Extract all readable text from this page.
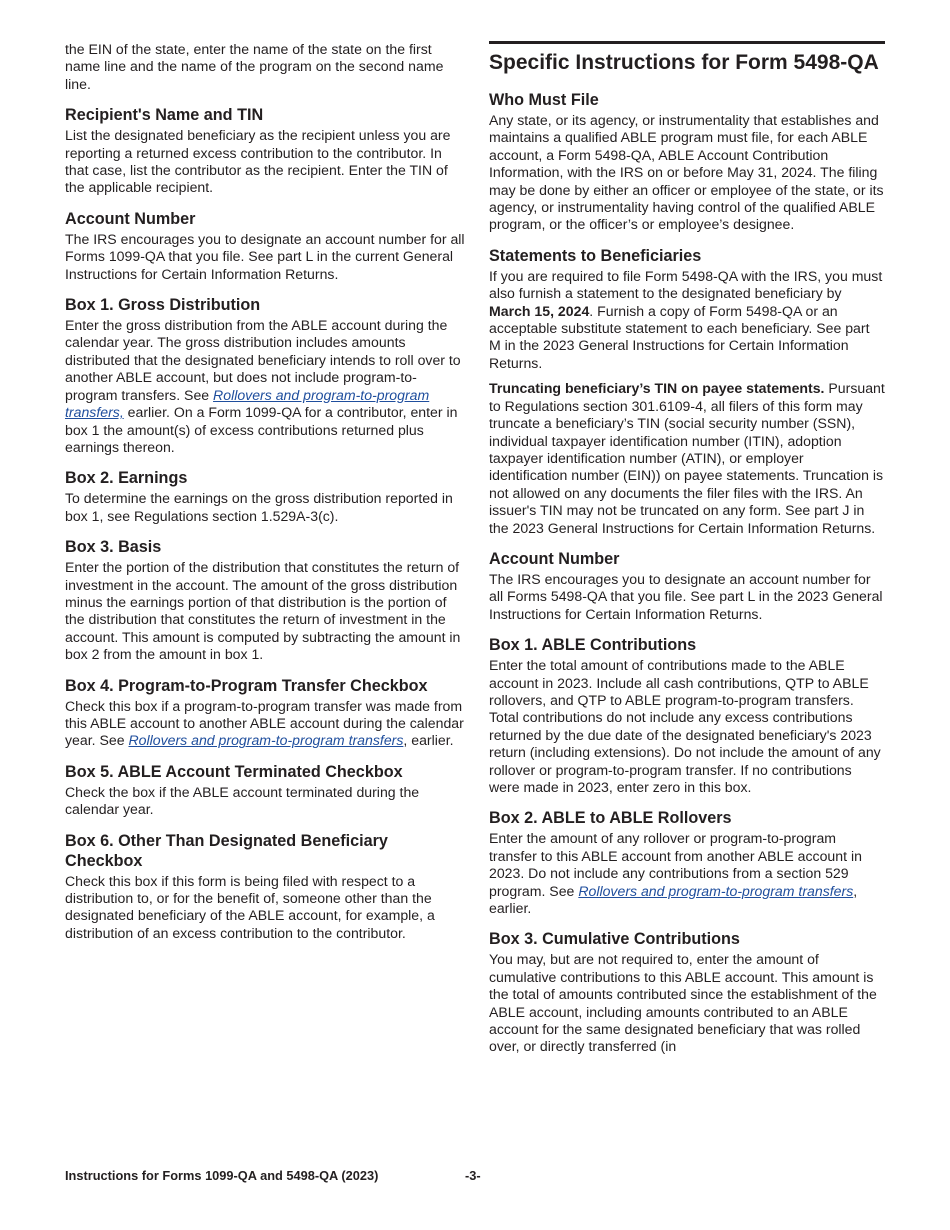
the EIN of the state, enter the name of the state on the first name line and the name of the program on the second name line.

Recipient's Name and TIN

List the designated beneficiary as the recipient unless you are reporting a returned excess contribution to the contributor. In that case, list the contributor as the recipient. Enter the TIN of the applicable recipient.

Account Number

The IRS encourages you to designate an account number for all Forms 1099-QA that you file. See part L in the current General Instructions for Certain Information Returns.

Box 1. Gross Distribution

Enter the gross distribution from the ABLE account during the calendar year. The gross distribution includes amounts distributed that the designated beneficiary intends to roll over to another ABLE account, but does not include program-to-program transfers. See Rollovers and program-to-program transfers, earlier. On a Form 1099-QA for a contributor, enter in box 1 the amount(s) of excess contributions returned plus earnings thereon.

Box 2. Earnings

To determine the earnings on the gross distribution reported in box 1, see Regulations section 1.529A-3(c).

Box 3. Basis

Enter the portion of the distribution that constitutes the return of investment in the account. The amount of the gross distribution minus the earnings portion of that distribution is the portion of the distribution that constitutes the return of investment in the account. This amount is computed by subtracting the amount in box 2 from the amount in box 1.

Box 4. Program-to-Program Transfer Checkbox

Check this box if a program-to-program transfer was made from this ABLE account to another ABLE account during the calendar year. See Rollovers and program-to-program transfers, earlier.

Box 5. ABLE Account Terminated Checkbox

Check the box if the ABLE account terminated during the calendar year.

Box 6. Other Than Designated Beneficiary Checkbox

Check this box if this form is being filed with respect to a distribution to, or for the benefit of, someone other than the designated beneficiary of the ABLE account, for example, a distribution of an excess contribution to the contributor.

Specific Instructions for Form 5498-QA
Who Must File

Any state, or its agency, or instrumentality that establishes and maintains a qualified ABLE program must file, for each ABLE account, a Form 5498-QA, ABLE Account Contribution Information, with the IRS on or before May 31, 2024. The filing may be done by either an officer or employee of the state, or its agency, or instrumentality having control of the qualified ABLE program, or the officer’s or employee’s designee.

Statements to Beneficiaries

If you are required to file Form 5498-QA with the IRS, you must also furnish a statement to the designated beneficiary by March 15, 2024. Furnish a copy of Form 5498-QA or an acceptable substitute statement to each beneficiary. See part M in the 2023 General Instructions for Certain Information Returns.

Truncating beneficiary’s TIN on payee statements. Pursuant to Regulations section 301.6109-4, all filers of this form may truncate a beneficiary’s TIN (social security number (SSN), individual taxpayer identification number (ITIN), adoption taxpayer identification number (ATIN), or employer identification number (EIN)) on payee statements. Truncation is not allowed on any documents the filer files with the IRS. An issuer's TIN may not be truncated on any form. See part J in the 2023 General Instructions for Certain Information Returns.

Account Number

The IRS encourages you to designate an account number for all Forms 5498-QA that you file. See part L in the 2023 General Instructions for Certain Information Returns.

Box 1. ABLE Contributions

Enter the total amount of contributions made to the ABLE account in 2023. Include all cash contributions, QTP to ABLE rollovers, and QTP to ABLE program-to-program transfers. Total contributions do not include any excess contributions returned by the due date of the designated beneficiary's 2023 return (including extensions). Do not include the amount of any rollover or program-to-program transfer. If no contributions were made in 2023, enter zero in this box.

Box 2. ABLE to ABLE Rollovers

Enter the amount of any rollover or program-to-program transfer to this ABLE account from another ABLE account in 2023. Do not include any contributions from a section 529 program. See Rollovers and program-to-program transfers, earlier.

Box 3. Cumulative Contributions

You may, but are not required to, enter the amount of cumulative contributions to this ABLE account. This amount is the total of amounts contributed since the establishment of the ABLE account, including amounts contributed to an ABLE account for the same designated beneficiary that was rolled over, or directly transferred (in

Instructions for Forms 1099-QA and 5498-QA (2023)	-3-
